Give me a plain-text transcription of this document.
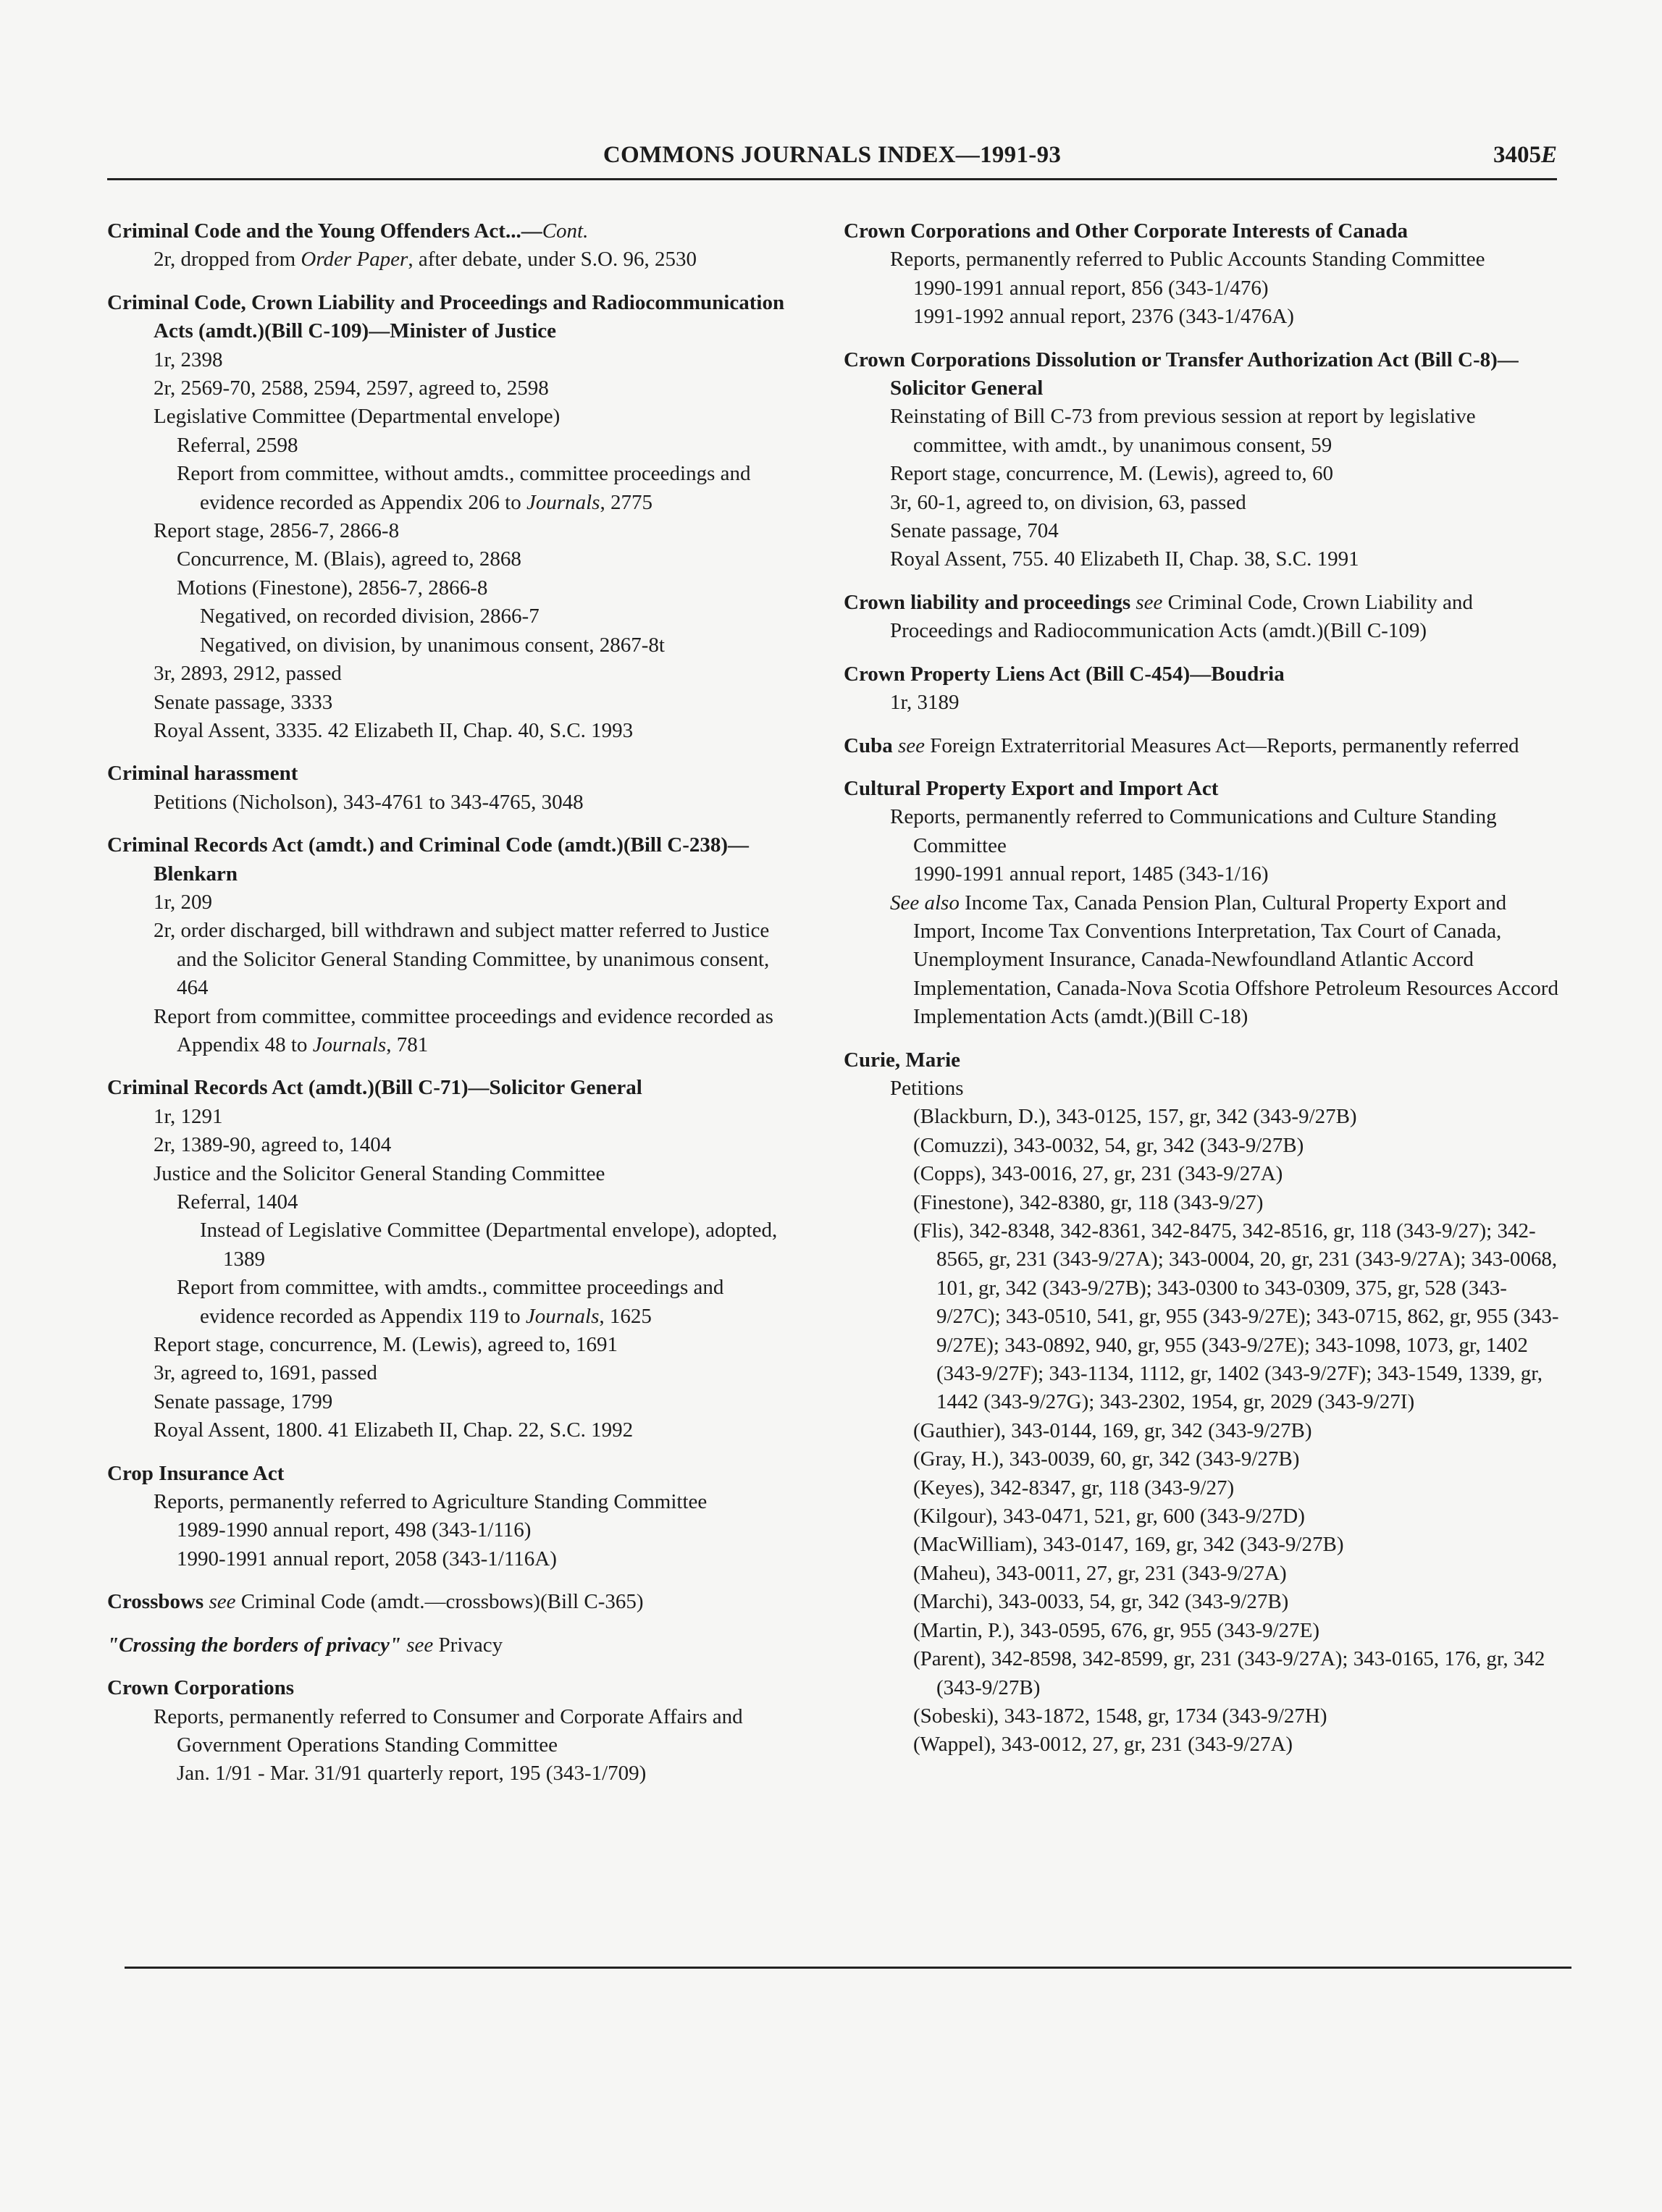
COMMONS JOURNALS INDEX—1991-93	3405E
Criminal Code and the Young Offenders Act...—Cont.
2r, dropped from Order Paper, after debate, under S.O. 96, 2530
Criminal Code, Crown Liability and Proceedings and Radiocommunication Acts (amdt.)(Bill C-109)—Minister of Justice
1r, 2398
2r, 2569-70, 2588, 2594, 2597, agreed to, 2598
Legislative Committee (Departmental envelope)
Referral, 2598
Report from committee, without amdts., committee proceedings and evidence recorded as Appendix 206 to Journals, 2775
Report stage, 2856-7, 2866-8
Concurrence, M. (Blais), agreed to, 2868
Motions (Finestone), 2856-7, 2866-8
Negatived, on recorded division, 2866-7
Negatived, on division, by unanimous consent, 2867-8t
3r, 2893, 2912, passed
Senate passage, 3333
Royal Assent, 3335. 42 Elizabeth II, Chap. 40, S.C. 1993
Criminal harassment
Petitions (Nicholson), 343-4761 to 343-4765, 3048
Criminal Records Act (amdt.) and Criminal Code (amdt.)(Bill C-238)—Blenkarn
1r, 209
2r, order discharged, bill withdrawn and subject matter referred to Justice and the Solicitor General Standing Committee, by unanimous consent, 464
Report from committee, committee proceedings and evidence recorded as Appendix 48 to Journals, 781
Criminal Records Act (amdt.)(Bill C-71)—Solicitor General
1r, 1291
2r, 1389-90, agreed to, 1404
Justice and the Solicitor General Standing Committee
Referral, 1404
Instead of Legislative Committee (Departmental envelope), adopted, 1389
Report from committee, with amdts., committee proceedings and evidence recorded as Appendix 119 to Journals, 1625
Report stage, concurrence, M. (Lewis), agreed to, 1691
3r, agreed to, 1691, passed
Senate passage, 1799
Royal Assent, 1800. 41 Elizabeth II, Chap. 22, S.C. 1992
Crop Insurance Act
Reports, permanently referred to Agriculture Standing Committee
1989-1990 annual report, 498 (343-1/116)
1990-1991 annual report, 2058 (343-1/116A)
Crossbows see Criminal Code (amdt.—crossbows)(Bill C-365)
"Crossing the borders of privacy" see Privacy
Crown Corporations
Reports, permanently referred to Consumer and Corporate Affairs and Government Operations Standing Committee
Jan. 1/91 - Mar. 31/91 quarterly report, 195 (343-1/709)
Crown Corporations and Other Corporate Interests of Canada
Reports, permanently referred to Public Accounts Standing Committee
1990-1991 annual report, 856 (343-1/476)
1991-1992 annual report, 2376 (343-1/476A)
Crown Corporations Dissolution or Transfer Authorization Act (Bill C-8)—Solicitor General
Reinstating of Bill C-73 from previous session at report by legislative committee, with amdt., by unanimous consent, 59
Report stage, concurrence, M. (Lewis), agreed to, 60
3r, 60-1, agreed to, on division, 63, passed
Senate passage, 704
Royal Assent, 755. 40 Elizabeth II, Chap. 38, S.C. 1991
Crown liability and proceedings see Criminal Code, Crown Liability and Proceedings and Radiocommunication Acts (amdt.)(Bill C-109)
Crown Property Liens Act (Bill C-454)—Boudria
1r, 3189
Cuba see Foreign Extraterritorial Measures Act—Reports, permanently referred
Cultural Property Export and Import Act
Reports, permanently referred to Communications and Culture Standing Committee
1990-1991 annual report, 1485 (343-1/16)
See also Income Tax, Canada Pension Plan, Cultural Property Export and Import, Income Tax Conventions Interpretation, Tax Court of Canada, Unemployment Insurance, Canada-Newfoundland Atlantic Accord Implementation, Canada-Nova Scotia Offshore Petroleum Resources Accord Implementation Acts (amdt.)(Bill C-18)
Curie, Marie
Petitions
(Blackburn, D.), 343-0125, 157, gr, 342 (343-9/27B)
(Comuzzi), 343-0032, 54, gr, 342 (343-9/27B)
(Copps), 343-0016, 27, gr, 231 (343-9/27A)
(Finestone), 342-8380, gr, 118 (343-9/27)
(Flis), 342-8348, 342-8361, 342-8475, 342-8516, gr, 118 (343-9/27); 342-8565, gr, 231 (343-9/27A); 343-0004, 20, gr, 231 (343-9/27A); 343-0068, 101, gr, 342 (343-9/27B); 343-0300 to 343-0309, 375, gr, 528 (343-9/27C); 343-0510, 541, gr, 955 (343-9/27E); 343-0715, 862, gr, 955 (343-9/27E); 343-0892, 940, gr, 955 (343-9/27E); 343-1098, 1073, gr, 1402 (343-9/27F); 343-1134, 1112, gr, 1402 (343-9/27F); 343-1549, 1339, gr, 1442 (343-9/27G); 343-2302, 1954, gr, 2029 (343-9/27I)
(Gauthier), 343-0144, 169, gr, 342 (343-9/27B)
(Gray, H.), 343-0039, 60, gr, 342 (343-9/27B)
(Keyes), 342-8347, gr, 118 (343-9/27)
(Kilgour), 343-0471, 521, gr, 600 (343-9/27D)
(MacWilliam), 343-0147, 169, gr, 342 (343-9/27B)
(Maheu), 343-0011, 27, gr, 231 (343-9/27A)
(Marchi), 343-0033, 54, gr, 342 (343-9/27B)
(Martin, P.), 343-0595, 676, gr, 955 (343-9/27E)
(Parent), 342-8598, 342-8599, gr, 231 (343-9/27A); 343-0165, 176, gr, 342 (343-9/27B)
(Sobeski), 343-1872, 1548, gr, 1734 (343-9/27H)
(Wappel), 343-0012, 27, gr, 231 (343-9/27A)
